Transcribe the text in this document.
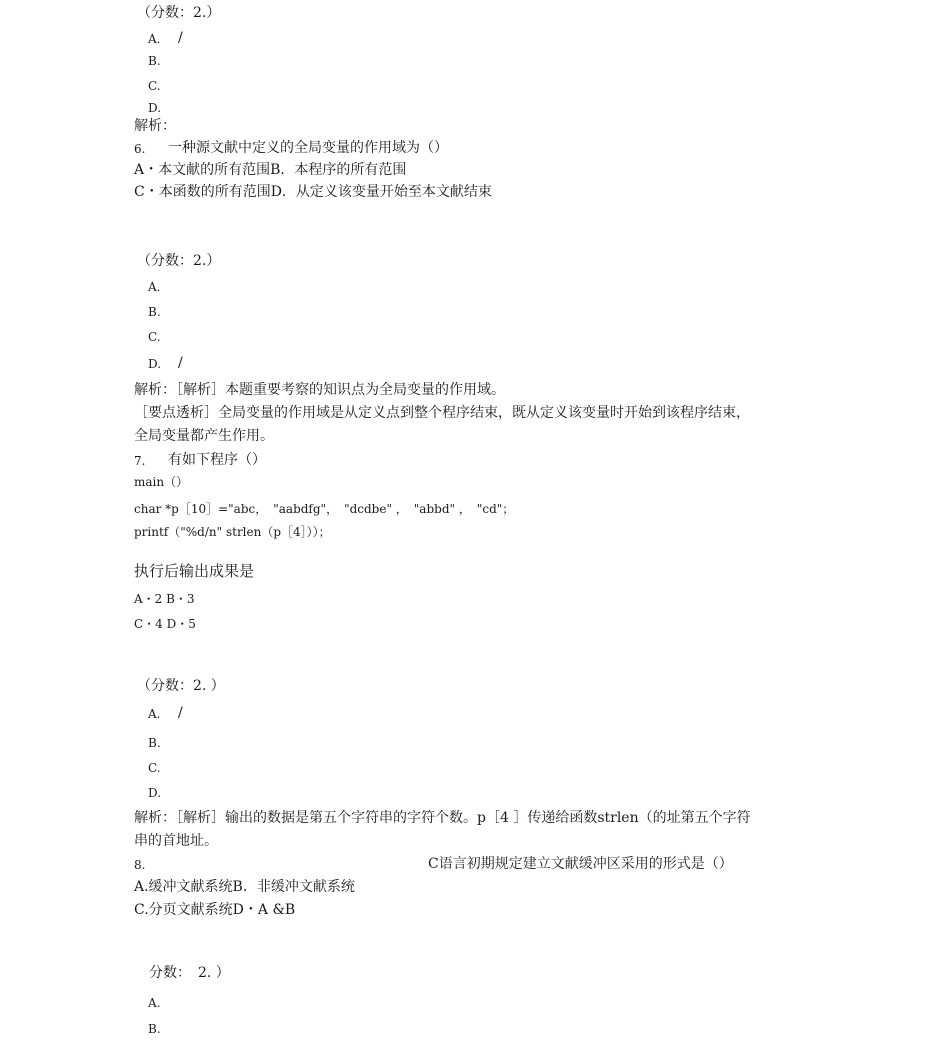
（分数：2.）
A. /
B.
C.
D.
解析：
6. 一种源文献中定义的全局变量的作用域为（）
A・本文献的所有范围B．本程序的所有范围
C・本函数的所有范围D．从定义该变量开始至本文献结束
（分数：2.）
A.
B.
C.
D. /
解析：［解析］本题重要考察的知识点为全局变量的作用域。
［要点透析］全局变量的作用域是从定义点到整个程序结束，既从定义该变量时开始到该程序结束，
全局变量都产生作用。
7. 有如下程序（）
main（）
char *p［10］="abc，　"aabdfg"，　"dcdbe" ，　"abbd" ，　"cd"；
printf（"%d/n" strlen（p［4］））；
执行后输出成果是
A・2 B・3
C・4 D・5
（分数：2. ）
A. /
B.
C.
D.
解析：［解析］输出的数据是第五个字符串的字符个数。p［4 ］传递给函数strlen（的址第五个字符
串的首地址。
8.	C语言初期规定建立文献缓冲区采用的形式是（）
A.缓冲文献系统B．非缓冲文献系统
C.分页文献系统D・A &B
分数：　2. ）
A.
B.
